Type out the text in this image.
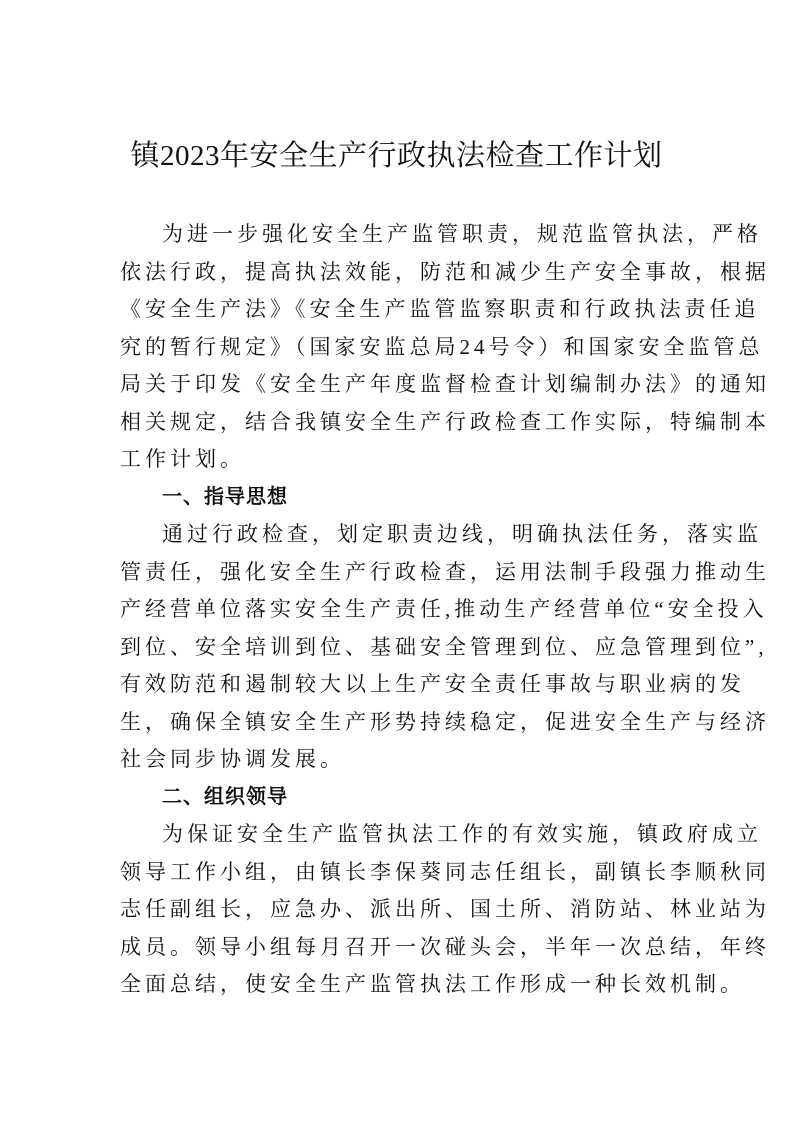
镇2023年安全生产行政执法检查工作计划
为进一步强化安全生产监管职责，规范监管执法，严格
依法行政，提高执法效能，防范和减少生产安全事故，根据
《安全生产法》《安全生产监管监察职责和行政执法责任追
究的暂行规定》（国家安监总局24号令）和国家安全监管总
局关于印发《安全生产年度监督检查计划编制办法》的通知
相关规定，结合我镇安全生产行政检查工作实际，特编制本
工作计划。
一、指导思想
通过行政检查，划定职责边线，明确执法任务，落实监
管责任，强化安全生产行政检查，运用法制手段强力推动生
产经营单位落实安全生产责任,推动生产经营单位“安全投入
到位、安全培训到位、基础安全管理到位、应急管理到位”,
有效防范和遏制较大以上生产安全责任事故与职业病的发
生，确保全镇安全生产形势持续稳定，促进安全生产与经济
社会同步协调发展。
二、组织领导
为保证安全生产监管执法工作的有效实施，镇政府成立
领导工作小组，由镇长李保葵同志任组长，副镇长李顺秋同
志任副组长，应急办、派出所、国土所、消防站、林业站为
成员。领导小组每月召开一次碰头会，半年一次总结，年终
全面总结，使安全生产监管执法工作形成一种长效机制。
